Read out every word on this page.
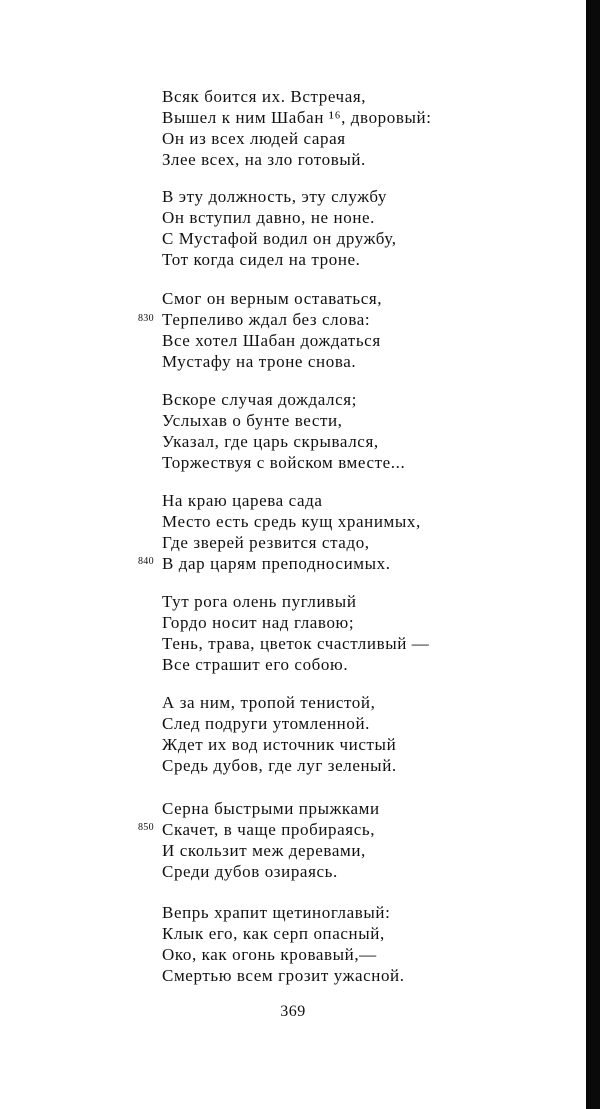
Всяк боится их. Встречая,
Вышел к ним Шабан ¹⁶, дворовый:
Он из всех людей сарая
Злее всех, на зло готовый.
В эту должность, эту службу
Он вступил давно, не ноне.
С Мустафой водил он дружбу,
Тот когда сидел на троне.
Смог он верным оставаться,
Терпеливо ждал без слова:
Все хотел Шабан дождаться
Мустафу на троне снова.
Вскоре случая дождался;
Услыхав о бунте вести,
Указал, где царь скрывался,
Торжествуя с войском вместе...
На краю царева сада
Место есть средь кущ хранимых,
Где зверей резвится стадо,
В дар царям преподносимых.
Тут рога олень пугливый
Гордо носит над главою;
Тень, трава, цветок счастливый —
Все страшит его собою.
А за ним, тропой тенистой,
След подруги утомленной.
Ждет их вод источник чистый
Средь дубов, где луг зеленый.
Серна быстрыми прыжками
Скачет, в чаще пробираясь,
И скользит меж деревами,
Среди дубов озираясь.
Вепрь храпит щетиноглавый:
Клык его, как серп опасный,
Око, как огонь кровавый,—
Смертью всем грозит ужасной.
830
840
850
369
